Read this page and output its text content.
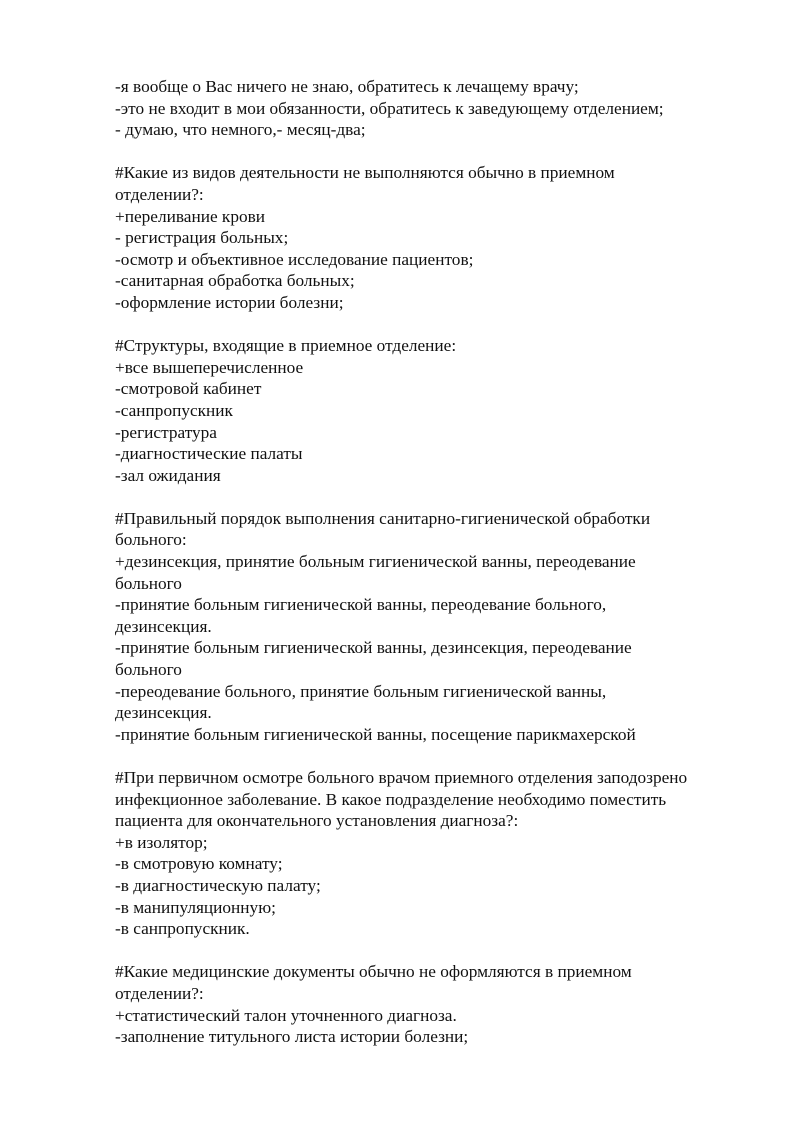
-я вообще о Вас ничего не знаю, обратитесь к лечащему врачу;
-это не входит в мои обязанности, обратитесь к заведующему отделением;
- думаю, что немного,- месяц-два;
#Какие из видов деятельности не выполняются обычно в приемном
отделении?:
+переливание крови
- регистрация больных;
-осмотр и объективное исследование пациентов;
-санитарная обработка больных;
-оформление истории болезни;
#Структуры, входящие в приемное отделение:
+все вышеперечисленное
-смотровой кабинет
-санпропускник
-регистратура
-диагностические палаты
-зал ожидания
#Правильный порядок выполнения санитарно-гигиенической обработки
больного:
+дезинсекция, принятие больным гигиенической ванны, переодевание
больного
-принятие больным гигиенической ванны, переодевание больного,
дезинсекция.
-принятие больным гигиенической ванны, дезинсекция, переодевание
больного
-переодевание больного, принятие больным гигиенической ванны,
дезинсекция.
-принятие больным гигиенической ванны, посещение парикмахерской
#При первичном осмотре больного врачом приемного отделения заподозрено
инфекционное заболевание. В какое подразделение необходимо поместить
пациента для окончательного установления диагноза?:
+в изолятор;
-в смотровую комнату;
-в диагностическую палату;
-в манипуляционную;
-в санпропускник.
#Какие медицинские документы обычно не оформляются в приемном
отделении?:
+статистический талон уточненного диагноза.
-заполнение титульного листа истории болезни;
